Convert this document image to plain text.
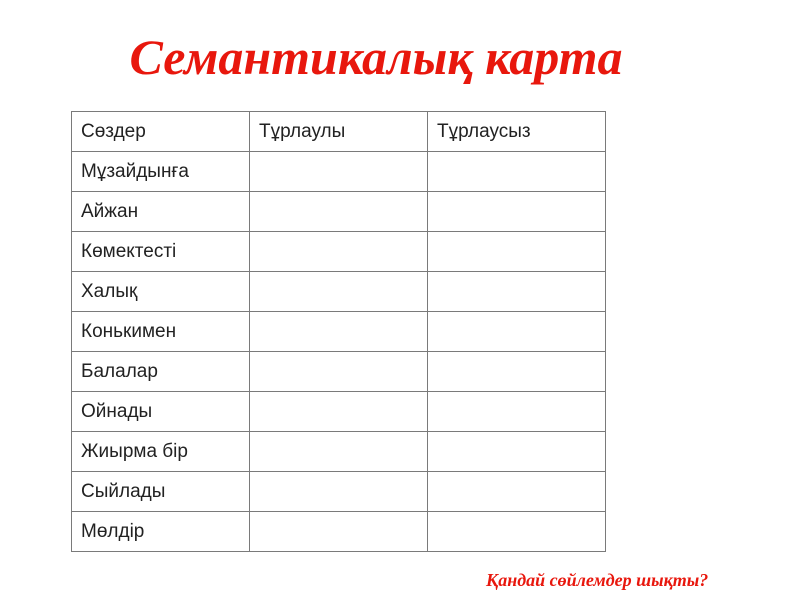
Семантикалық карта
Сөздер	Тұрлаулы	Тұрлаусыз
Мұзайдынға		
Айжан		
Көмектесті		
Халық		
Конькимен		
Балалар		
Ойнады		
Жиырма бір		
Сыйлады		
Мөлдір		

Қандай сөйлемдер шықты?
